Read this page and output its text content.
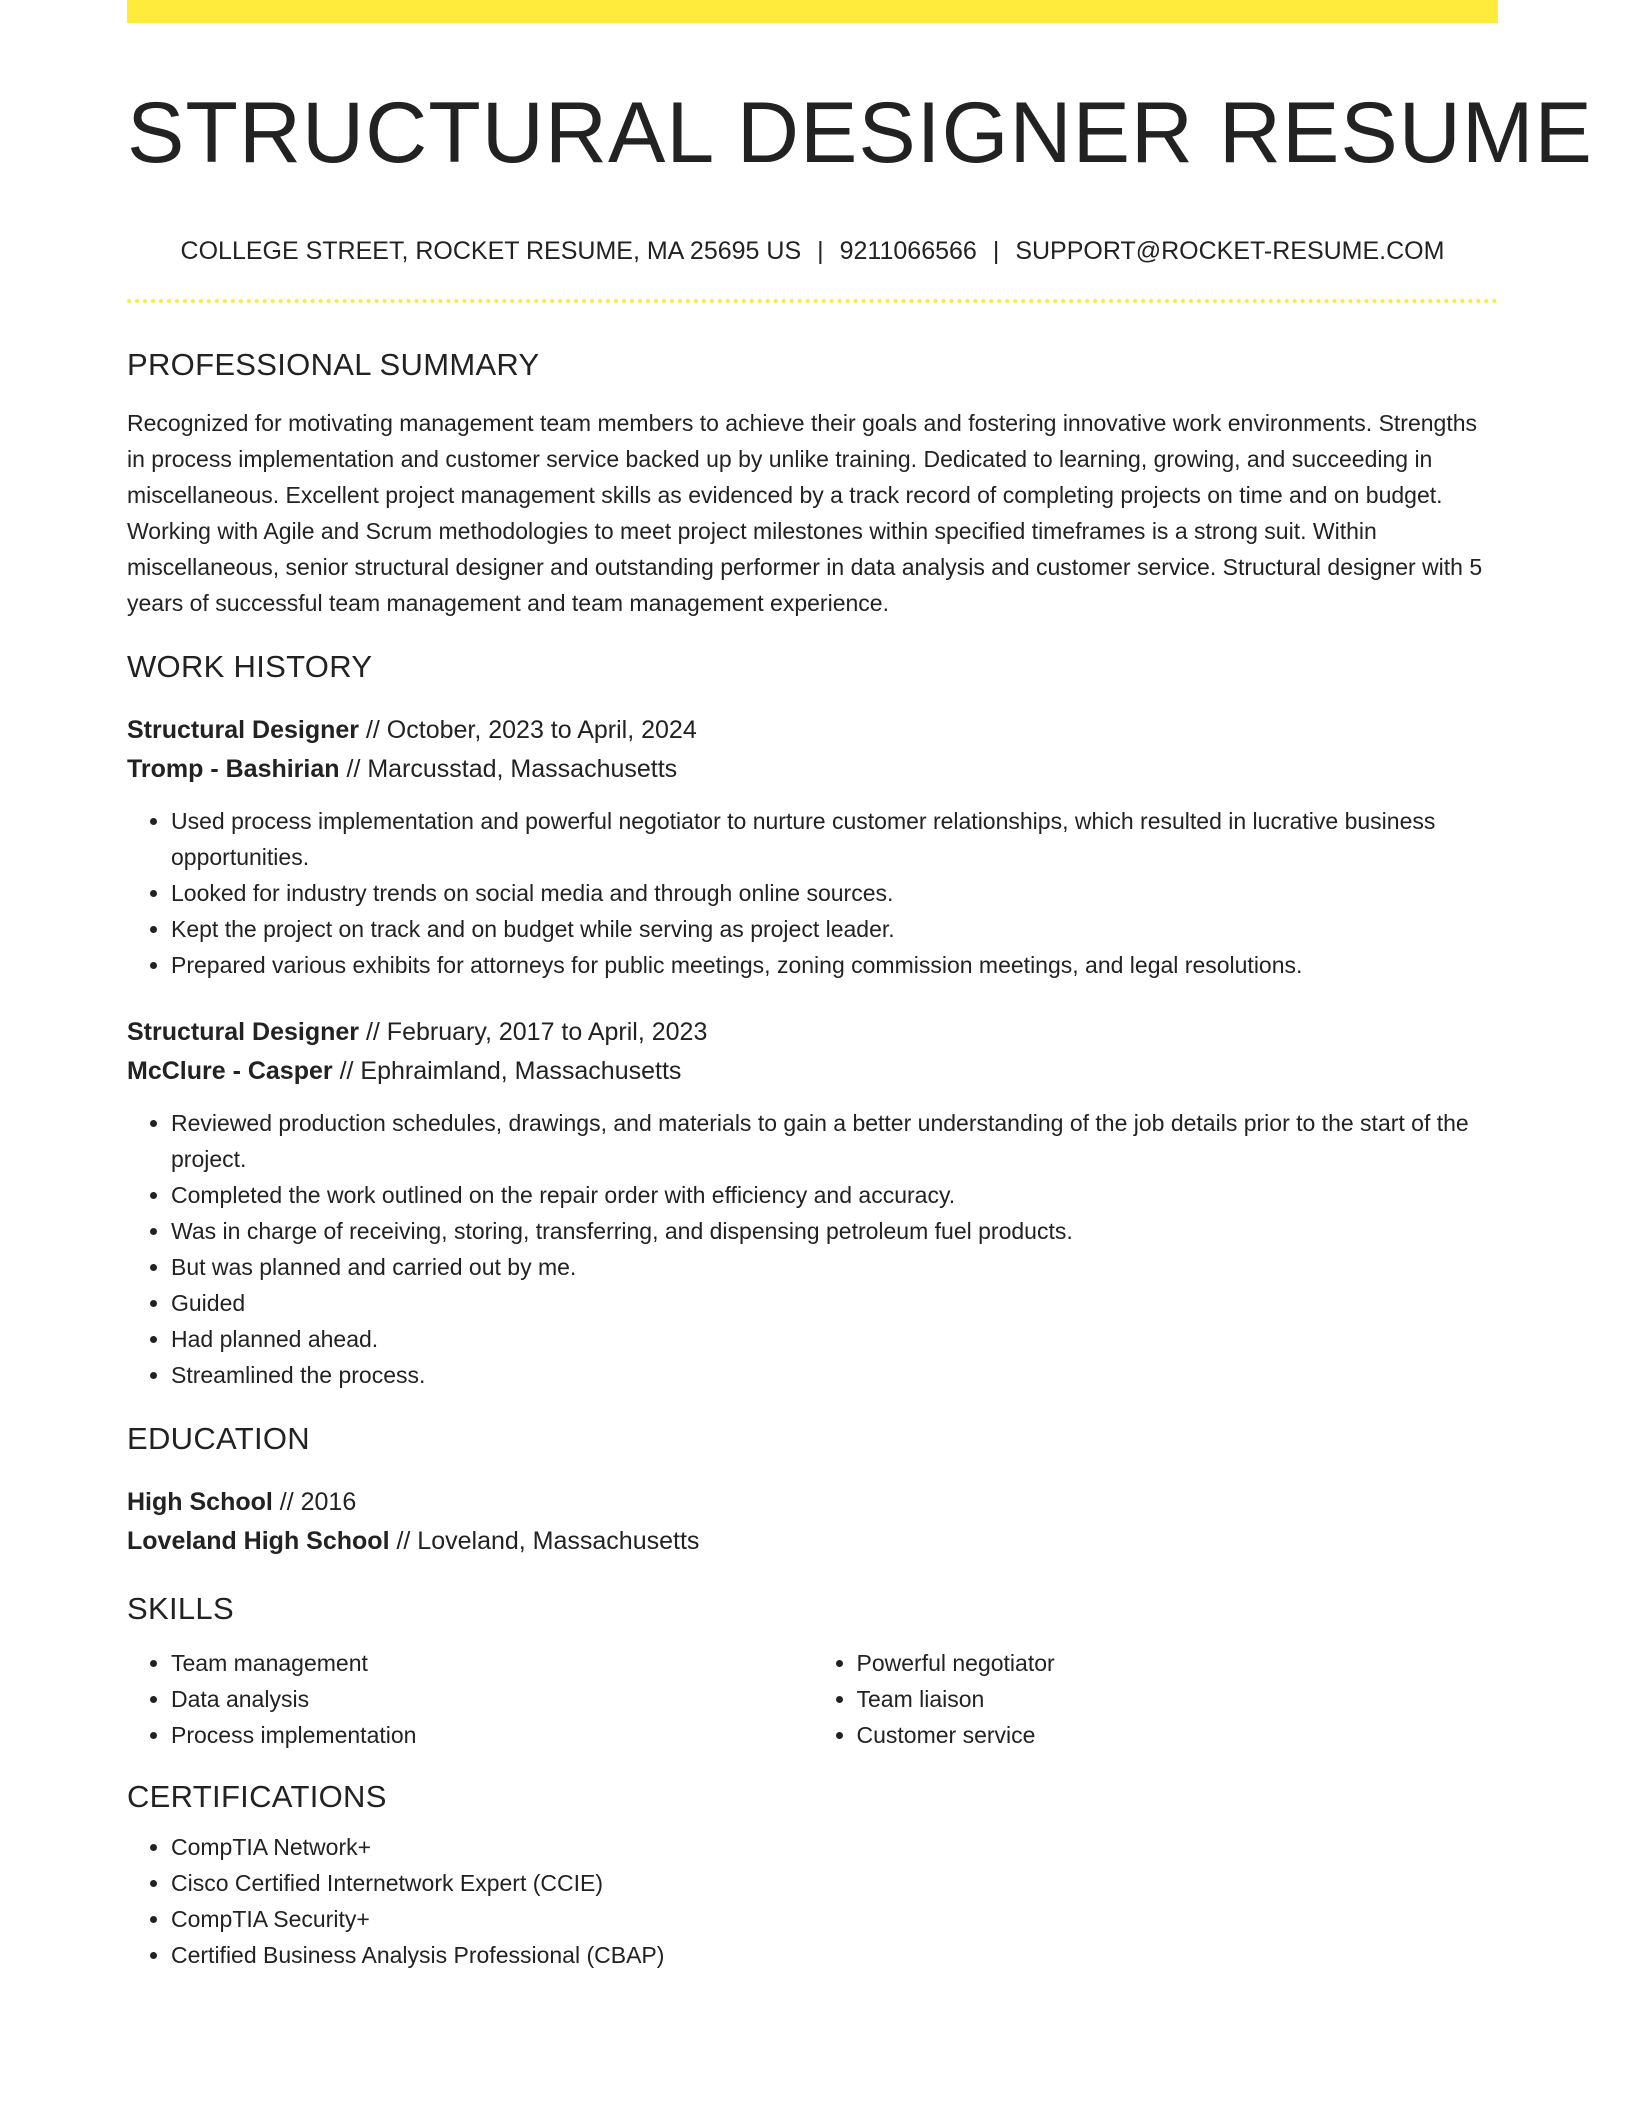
STRUCTURAL DESIGNER RESUME
COLLEGE STREET, ROCKET RESUME, MA 25695 US | 9211066566 | SUPPORT@ROCKET-RESUME.COM
PROFESSIONAL SUMMARY
Recognized for motivating management team members to achieve their goals and fostering innovative work environments. Strengths in process implementation and customer service backed up by unlike training. Dedicated to learning, growing, and succeeding in miscellaneous. Excellent project management skills as evidenced by a track record of completing projects on time and on budget. Working with Agile and Scrum methodologies to meet project milestones within specified timeframes is a strong suit. Within miscellaneous, senior structural designer and outstanding performer in data analysis and customer service. Structural designer with 5 years of successful team management and team management experience.
WORK HISTORY
Structural Designer // October, 2023 to April, 2024
Tromp - Bashirian // Marcusstad, Massachusetts
• Used process implementation and powerful negotiator to nurture customer relationships, which resulted in lucrative business opportunities.
• Looked for industry trends on social media and through online sources.
• Kept the project on track and on budget while serving as project leader.
• Prepared various exhibits for attorneys for public meetings, zoning commission meetings, and legal resolutions.
Structural Designer // February, 2017 to April, 2023
McClure - Casper // Ephraimland, Massachusetts
• Reviewed production schedules, drawings, and materials to gain a better understanding of the job details prior to the start of the project.
• Completed the work outlined on the repair order with efficiency and accuracy.
• Was in charge of receiving, storing, transferring, and dispensing petroleum fuel products.
• But was planned and carried out by me.
• Guided
• Had planned ahead.
• Streamlined the process.
EDUCATION
High School // 2016
Loveland High School // Loveland, Massachusetts
SKILLS
• Team management
• Data analysis
• Process implementation
• Powerful negotiator
• Team liaison
• Customer service
CERTIFICATIONS
• CompTIA Network+
• Cisco Certified Internetwork Expert (CCIE)
• CompTIA Security+
• Certified Business Analysis Professional (CBAP)
